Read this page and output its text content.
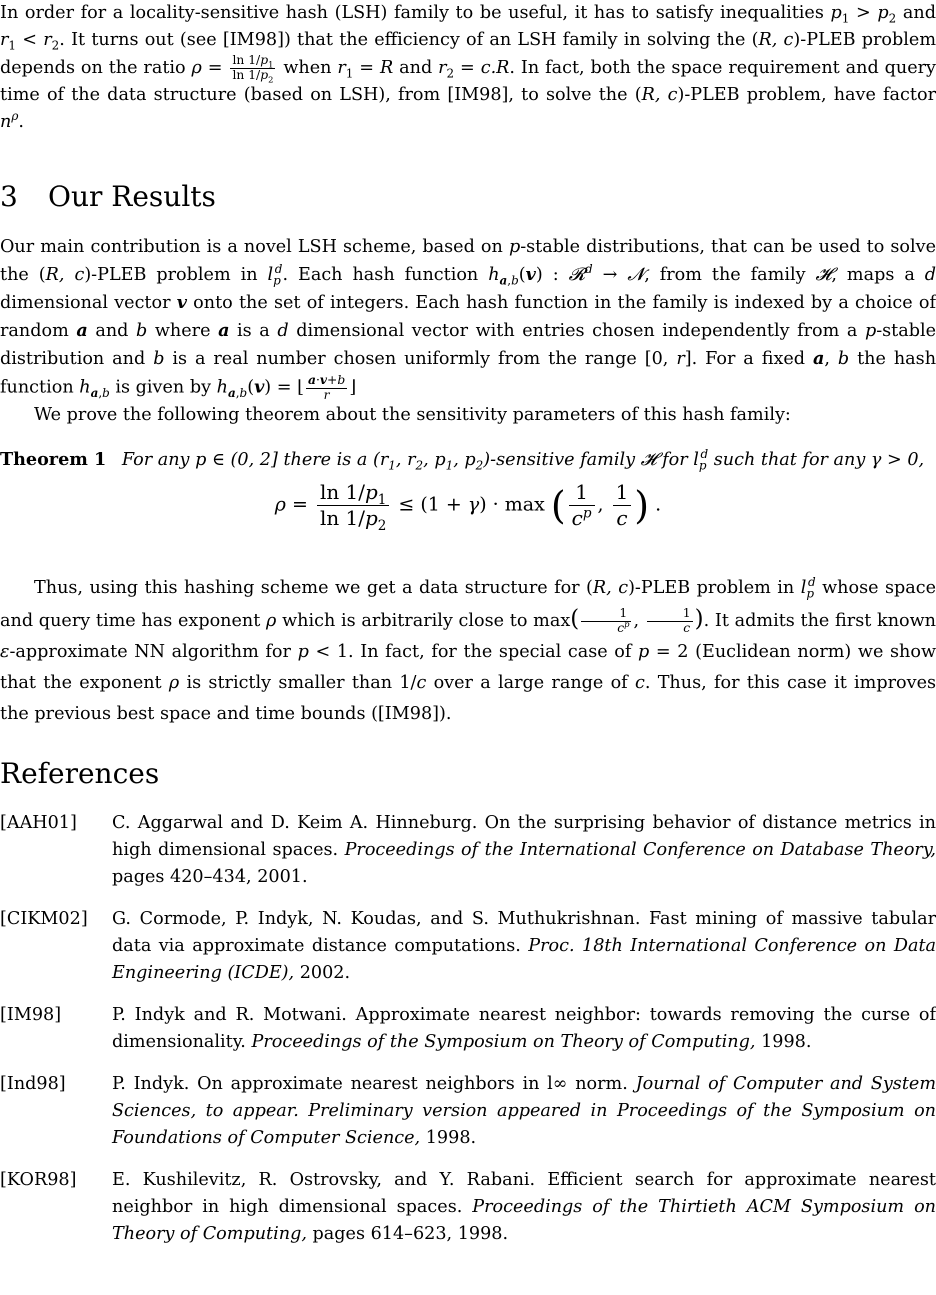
In order for a locality-sensitive hash (LSH) family to be useful, it has to satisfy inequalities $p_1 > p_2$ and $r_1 < r_2$. It turns out (see [IM98]) that the efficiency of an LSH family in solving the (R, c)-PLEB problem depends on the ratio $\rho = \frac{\ln 1/p_1}{\ln 1/p_2}$ when $r_1 = R$ and $r_2 = c.R$. In fact, both the space requirement and query time of the data structure (based on LSH), from [IM98], to solve the (R, c)-PLEB problem, have factor $n^\rho$.

3 Our Results

Our main contribution is a novel LSH scheme, based on p-stable distributions, that can be used to solve the (R, c)-PLEB problem in $l_p^d$. Each hash function $h_{a,b}(v)$ : 𝓡$^d$ → 𝓝, from the family 𝓗, maps a d dimensional vector v onto the set of integers. Each hash function in the family is indexed by a choice of random a and b where a is a d dimensional vector with entries chosen independently from a p-stable distribution and b is a real number chosen uniformly from the range [0, r]. For a fixed a, b the hash function $h_{a,b}$ is given by $h_{a,b}(v)$ = ⌊ $\frac{a\cdot v+b}{r}$ ⌋

We prove the following theorem about the sensitivity parameters of this hash family:

Theorem 1 For any p ∈ (0, 2] there is a ($r_1$, $r_2$, $p_1$, $p_2$)-sensitive family 𝓗 for $l_p^d$ such that for any γ > 0,

$\rho = \frac{\ln 1/p_1}{\ln 1/p_2} \le (1 + \gamma) \cdot \max$ ( $\frac{1}{c^p}$ , $\frac{1}{c}$ ) .

Thus, using this hashing scheme we get a data structure for (R, c)-PLEB problem in $l_p^d$ whose space and query time has exponent ρ which is arbitrarily close to $\max( \frac{1}{c^p}$ , $\frac{1}{c}$ ). It admits the first known ε-approximate NN algorithm for p < 1. In fact, for the special case of p = 2 (Euclidean norm) we show that the exponent ρ is strictly smaller than 1/c over a large range of c. Thus, for this case it improves the previous best space and time bounds ([IM98]).

References
[AAH01]	C. Aggarwal and D. Keim A. Hinneburg. On the surprising behavior of distance metrics in high dimensional spaces. Proceedings of the International Conference on Database Theory, pages 420–434, 2001.
[CIKM02]	G. Cormode, P. Indyk, N. Koudas, and S. Muthukrishnan. Fast mining of massive tabular data via approximate distance computations. Proc. 18th International Conference on Data Engineering (ICDE), 2002.
[IM98]	P. Indyk and R. Motwani. Approximate nearest neighbor: towards removing the curse of dimensionality. Proceedings of the Symposium on Theory of Computing, 1998.
[Ind98]	P. Indyk. On approximate nearest neighbors in l∞ norm. Journal of Computer and System Sciences, to appear. Preliminary version appeared in Proceedings of the Symposium on Foundations of Computer Science, 1998.
[KOR98]	E. Kushilevitz, R. Ostrovsky, and Y. Rabani. Efficient search for approximate nearest neighbor in high dimensional spaces. Proceedings of the Thirtieth ACM Symposium on Theory of Computing, pages 614–623, 1998.
